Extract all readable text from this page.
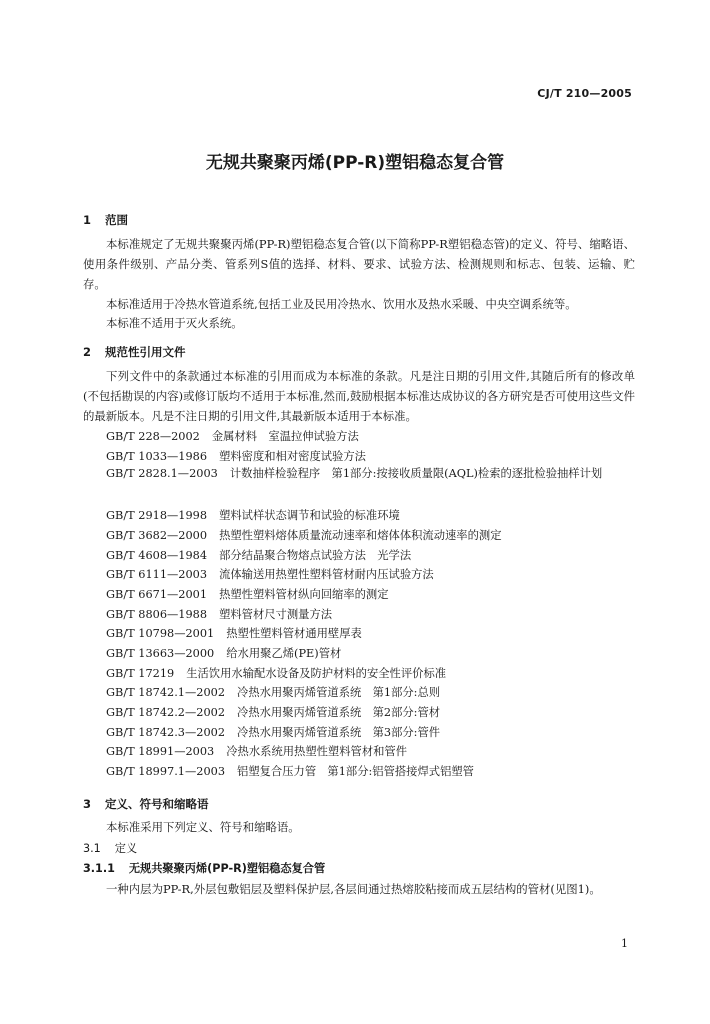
CJ/T 210—2005
无规共聚聚丙烯(PP-R)塑铝稳态复合管
1 范围
本标准规定了无规共聚聚丙烯(PP-R)塑铝稳态复合管(以下简称PP-R塑铝稳态管)的定义、符号、缩略语、使用条件级别、产品分类、管系列S值的选择、材料、要求、试验方法、检测规则和标志、包装、运输、贮存。
本标准适用于冷热水管道系统,包括工业及民用冷热水、饮用水及热水采暖、中央空调系统等。
本标准不适用于灭火系统。
2 规范性引用文件
下列文件中的条款通过本标准的引用而成为本标准的条款。凡是注日期的引用文件,其随后所有的修改单(不包括勘误的内容)或修订版均不适用于本标准,然而,鼓励根据本标准达成协议的各方研究是否可使用这些文件的最新版本。凡是不注日期的引用文件,其最新版本适用于本标准。
GB/T 228—2002 金属材料　室温拉伸试验方法
GB/T 1033—1986 塑料密度和相对密度试验方法
GB/T 2828.1—2003 计数抽样检验程序　第1部分:按接收质量限(AQL)检索的逐批检验抽样计划
GB/T 2918—1998 塑料试样状态调节和试验的标准环境
GB/T 3682—2000 热塑性塑料熔体质量流动速率和熔体体积流动速率的测定
GB/T 4608—1984 部分结晶聚合物熔点试验方法　光学法
GB/T 6111—2003 流体输送用热塑性塑料管材耐内压试验方法
GB/T 6671—2001 热塑性塑料管材纵向回缩率的测定
GB/T 8806—1988 塑料管材尺寸测量方法
GB/T 10798—2001 热塑性塑料管材通用壁厚表
GB/T 13663—2000 给水用聚乙烯(PE)管材
GB/T 17219 生活饮用水输配水设备及防护材料的安全性评价标准
GB/T 18742.1—2002 冷热水用聚丙烯管道系统　第1部分:总则
GB/T 18742.2—2002 冷热水用聚丙烯管道系统　第2部分:管材
GB/T 18742.3—2002 冷热水用聚丙烯管道系统　第3部分:管件
GB/T 18991—2003 冷热水系统用热塑性塑料管材和管件
GB/T 18997.1—2003 铝塑复合压力管　第1部分:铝管搭接焊式铝塑管
3 定义、符号和缩略语
本标准采用下列定义、符号和缩略语。
3.1 定义
3.1.1 无规共聚聚丙烯(PP-R)塑铝稳态复合管
一种内层为PP-R,外层包敷铝层及塑料保护层,各层间通过热熔胶粘接而成五层结构的管材(见图1)。
1
